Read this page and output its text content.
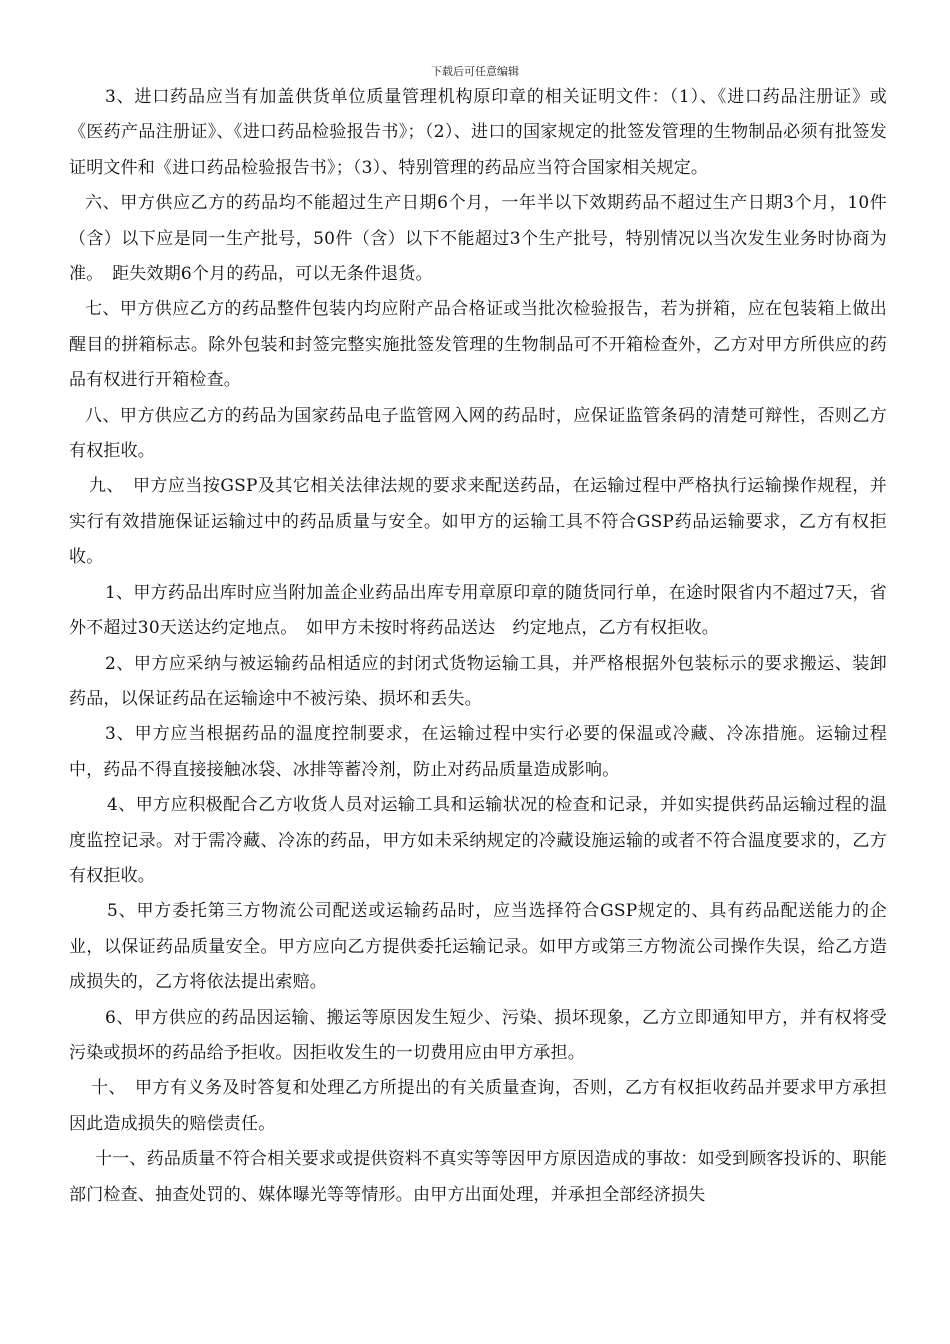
下载后可任意编辑

3、进口药品应当有加盖供货单位质量管理机构原印章的相关证明文件：（1）、《进口药品注册证》或《医药产品注册证》、《进口药品检验报告书》；（2）、进口的国家规定的批签发管理的生物制品必须有批签发证明文件和《进口药品检验报告书》；（3）、特别管理的药品应当符合国家相关规定。

六、甲方供应乙方的药品均不能超过生产日期6个月，一年半以下效期药品不超过生产日期3个月，10件（含）以下应是同一生产批号，50件（含）以下不能超过3个生产批号，特别情况以当次发生业务时协商为准。　距失效期6个月的药品，可以无条件退货。

七、甲方供应乙方的药品整件包装内均应附产品合格证或当批次检验报告，若为拼箱，应在包装箱上做出醒目的拼箱标志。除外包装和封签完整实施批签发管理的生物制品可不开箱检查外，乙方对甲方所供应的药品有权进行开箱检查。

八、甲方供应乙方的药品为国家药品电子监管网入网的药品时，应保证监管条码的清楚可辩性，否则乙方有权拒收。

九、　甲方应当按GSP及其它相关法律法规的要求来配送药品，在运输过程中严格执行运输操作规程，并实行有效措施保证运输过中的药品质量与安全。如甲方的运输工具不符合GSP药品运输要求，乙方有权拒收。

1、甲方药品出库时应当附加盖企业药品出库专用章原印章的随货同行单，在途时限省内不超过7天，省外不超过30天送达约定地点。　如甲方未按时将药品送达　约定地点，乙方有权拒收。

2、甲方应采纳与被运输药品相适应的封闭式货物运输工具，并严格根据外包装标示的要求搬运、装卸药品，以保证药品在运输途中不被污染、损坏和丢失。

3、甲方应当根据药品的温度控制要求，在运输过程中实行必要的保温或冷藏、冷冻措施。运输过程中，药品不得直接接触冰袋、冰排等蓄冷剂，防止对药品质量造成影响。

4、甲方应积极配合乙方收货人员对运输工具和运输状况的检查和记录，并如实提供药品运输过程的温度监控记录。对于需冷藏、冷冻的药品，甲方如未采纳规定的冷藏设施运输的或者不符合温度要求的，乙方有权拒收。

5、甲方委托第三方物流公司配送或运输药品时，应当选择符合GSP规定的、具有药品配送能力的企业，以保证药品质量安全。甲方应向乙方提供委托运输记录。如甲方或第三方物流公司操作失误，给乙方造成损失的，乙方将依法提出索赔。

6、甲方供应的药品因运输、搬运等原因发生短少、污染、损坏现象，乙方立即通知甲方，并有权将受污染或损坏的药品给予拒收。因拒收发生的一切费用应由甲方承担。

十、　甲方有义务及时答复和处理乙方所提出的有关质量查询，否则，乙方有权拒收药品并要求甲方承担因此造成损失的赔偿责任。

十一、药品质量不符合相关要求或提供资料不真实等等因甲方原因造成的事故：如受到顾客投诉的、职能部门检查、抽查处罚的、媒体曝光等等情形。由甲方出面处理，并承担全部经济损失
